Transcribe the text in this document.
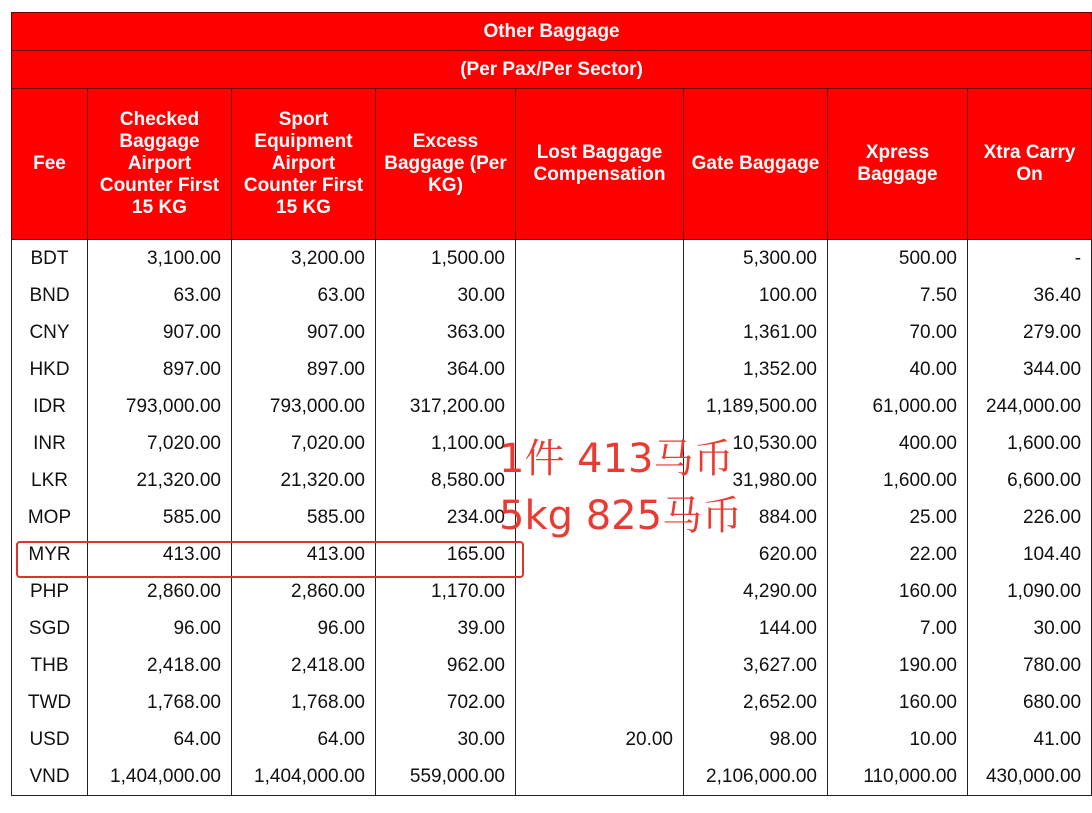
Other Baggage							
(Per Pax/Per Sector)							
Fee	Checked Baggage Airport Counter First 15 KG	Sport Equipment Airport Counter First 15 KG	Excess Baggage (Per KG)	Lost Baggage Compensation	Gate Baggage	Xpress Baggage	Xtra Carry On
BDT	3,100.00	3,200.00	1,500.00		5,300.00	500.00	-
BND	63.00	63.00	30.00		100.00	7.50	36.40
CNY	907.00	907.00	363.00		1,361.00	70.00	279.00
HKD	897.00	897.00	364.00		1,352.00	40.00	344.00
IDR	793,000.00	793,000.00	317,200.00		1,189,500.00	61,000.00	244,000.00
INR	7,020.00	7,020.00	1,100.00		10,530.00	400.00	1,600.00
LKR	21,320.00	21,320.00	8,580.00		31,980.00	1,600.00	6,600.00
MOP	585.00	585.00	234.00		884.00	25.00	226.00
MYR	413.00	413.00	165.00		620.00	22.00	104.40
PHP	2,860.00	2,860.00	1,170.00		4,290.00	160.00	1,090.00
SGD	96.00	96.00	39.00		144.00	7.00	30.00
THB	2,418.00	2,418.00	962.00		3,627.00	190.00	780.00
TWD	1,768.00	1,768.00	702.00		2,652.00	160.00	680.00
USD	64.00	64.00	30.00	20.00	98.00	10.00	41.00
VND	1,404,000.00	1,404,000.00	559,000.00		2,106,000.00	110,000.00	430,000.00
1件 413马币
5kg 825马币
